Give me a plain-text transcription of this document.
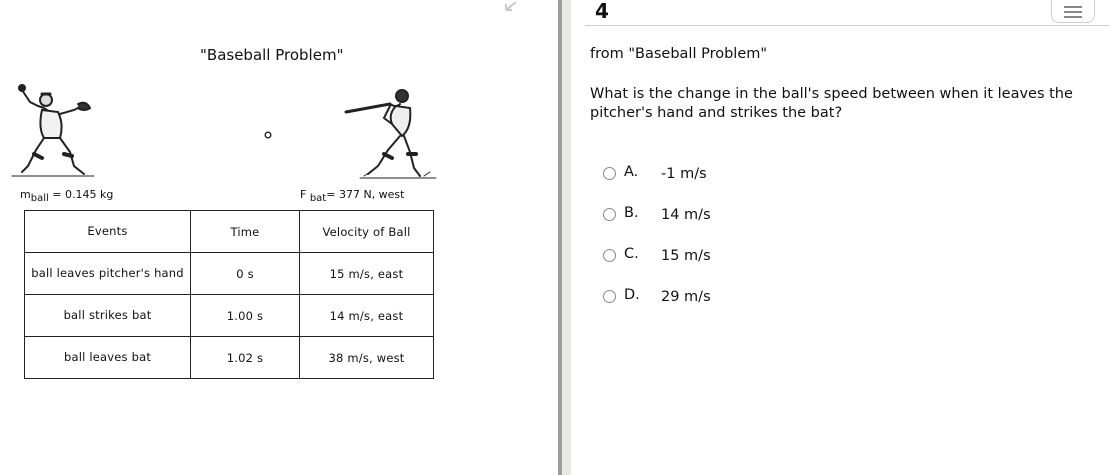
"Baseball Problem"
$m_{ball} = 0.145$ kg	F $_{bat}$= 377 N, west
Events	Time	Velocity of Ball
ball leaves pitcher's hand	0 s	15 m/s, east
ball strikes bat	1.00 s	14 m/s, east
ball leaves bat	1.02 s	38 m/s, west
4
from "Baseball Problem"
What is the change in the ball's speed between when it leaves the pitcher's hand and strikes the bat?
A. -1 m/s
B. 14 m/s
C. 15 m/s
D. 29 m/s
